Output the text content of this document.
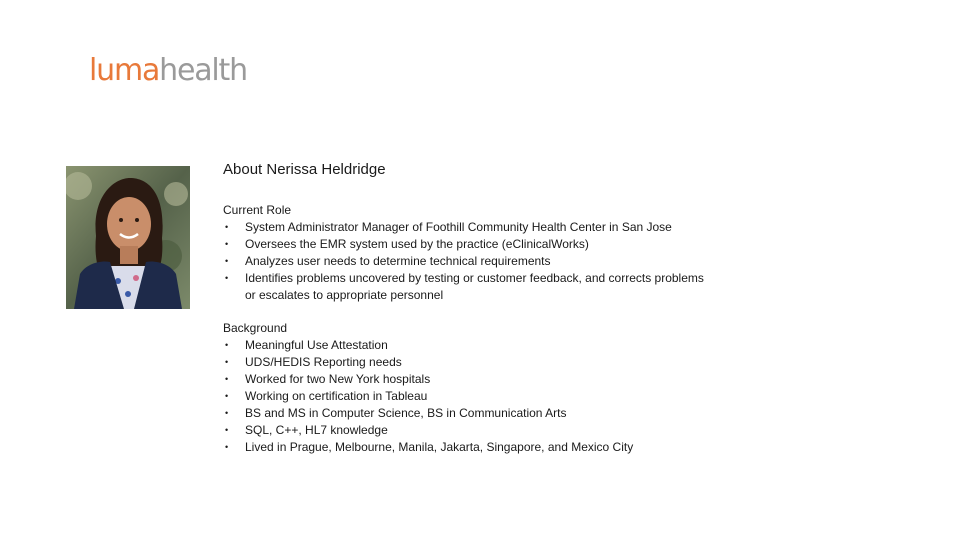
lumahealth
About Nerissa Heldridge
Current Role
• System Administrator Manager of Foothill Community Health Center in San Jose
• Oversees the EMR system used by the practice (eClinicalWorks)
• Analyzes user needs to determine technical requirements
• Identifies problems uncovered by testing or customer feedback, and corrects problems or escalates to appropriate personnel
Background
• Meaningful Use Attestation
• UDS/HEDIS Reporting needs
• Worked for two New York hospitals
• Working on certification in Tableau
• BS and MS in Computer Science, BS in Communication Arts
• SQL, C++, HL7 knowledge
• Lived in Prague, Melbourne, Manila, Jakarta, Singapore, and Mexico City
